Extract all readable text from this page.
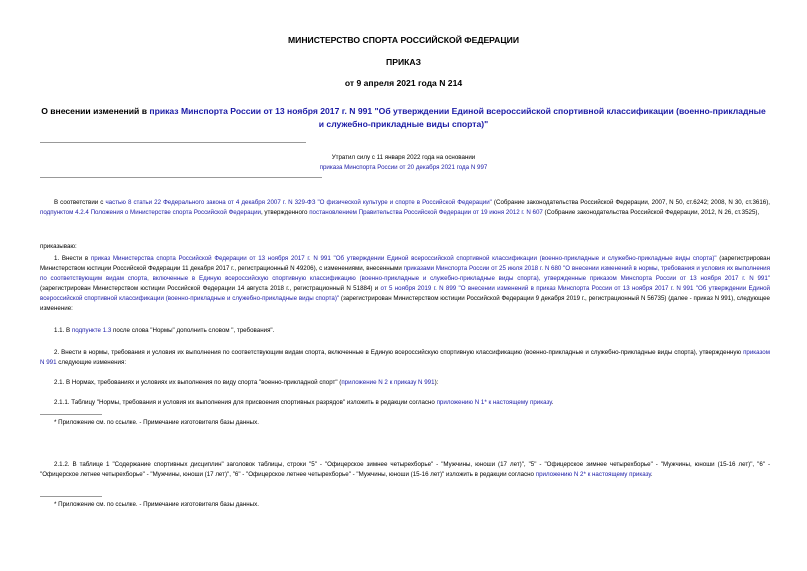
МИНИСТЕРСТВО СПОРТА РОССИЙСКОЙ ФЕДЕРАЦИИ
ПРИКАЗ
от 9 апреля 2021 года N 214
О внесении изменений в приказ Минспорта России от 13 ноября 2017 г. N 991 "Об утверждении Единой всероссийской спортивной классификации (военно-прикладные и служебно-прикладные виды спорта)"
Утратил силу с 11 января 2022 года на основании
приказа Минспорта России от 20 декабря 2021 года N 997
В соответствии с частью 8 статьи 22 Федерального закона от 4 декабря 2007 г. N 329-ФЗ "О физической культуре и спорте в Российской Федерации" (Собрание законодательства Российской Федерации, 2007, N 50, ст.6242; 2008, N 30, ст.3616), подпунктом 4.2.4 Положения о Министерстве спорта Российской Федерации, утвержденного постановлением Правительства Российской Федерации от 19 июня 2012 г. N 607 (Собрание законодательства Российской Федерации, 2012, N 26, ст.3525),
приказываю:
1. Внести в приказ Министерства спорта Российской Федерации от 13 ноября 2017 г. N 991 "Об утверждении Единой всероссийской спортивной классификации (военно-прикладные и служебно-прикладные виды спорта)" (зарегистрирован Министерством юстиции Российской Федерации 11 декабря 2017 г., регистрационный N 49206), с изменениями, внесенными приказами Минспорта России от 25 июля 2018 г. N 680 "О внесении изменений в нормы, требования и условия их выполнения по соответствующим видам спорта, включенные в Единую всероссийскую спортивную классификацию (военно-прикладные и служебно-прикладные виды спорта), утвержденные приказом Минспорта России от 13 ноября 2017 г. N 991" (зарегистрирован Министерством юстиции Российской Федерации 14 августа 2018 г., регистрационный N 51884) и от 5 ноября 2019 г. N 899 "О внесении изменений в приказ Минспорта России от 13 ноября 2017 г. N 991 "Об утверждении Единой всероссийской спортивной классификации (военно-прикладные и служебно-прикладные виды спорта)" (зарегистрирован Министерством юстиции Российской Федерации 9 декабря 2019 г., регистрационный N 56735) (далее - приказ N 991), следующее изменение:
1.1. В подпункте 1.3 после слова "Нормы" дополнить словом ", требования".
2. Внести в нормы, требования и условия их выполнения по соответствующим видам спорта, включенные в Единую всероссийскую спортивную классификацию (военно-прикладные и служебно-прикладные виды спорта), утвержденную приказом N 991 следующие изменения:
2.1. В Нормах, требованиях и условиях их выполнения по виду спорта "военно-прикладной спорт" (приложение N 2 к приказу N 991):
2.1.1. Таблицу "Нормы, требования и условия их выполнения для присвоения спортивных разрядов" изложить в редакции согласно приложению N 1* к настоящему приказу.
* Приложение см. по ссылке. - Примечание изготовителя базы данных.
2.1.2. В таблице 1 "Содержание спортивных дисциплин" заголовок таблицы, строки "5" - "Офицерское зимнее четырехборье" - "Мужчины, юноши (17 лет)", "5" - "Офицерское зимнее четырехборье" - "Мужчины, юноши (15-16 лет)", "6" - "Офицерское летнее четырехборье" - "Мужчины, юноши (17 лет)", "6" - "Офицерское летнее четырехборье" - "Мужчины, юноши (15-16 лет)" изложить в редакции согласно приложению N 2* к настоящему приказу.
* Приложение см. по ссылке. - Примечание изготовителя базы данных.
